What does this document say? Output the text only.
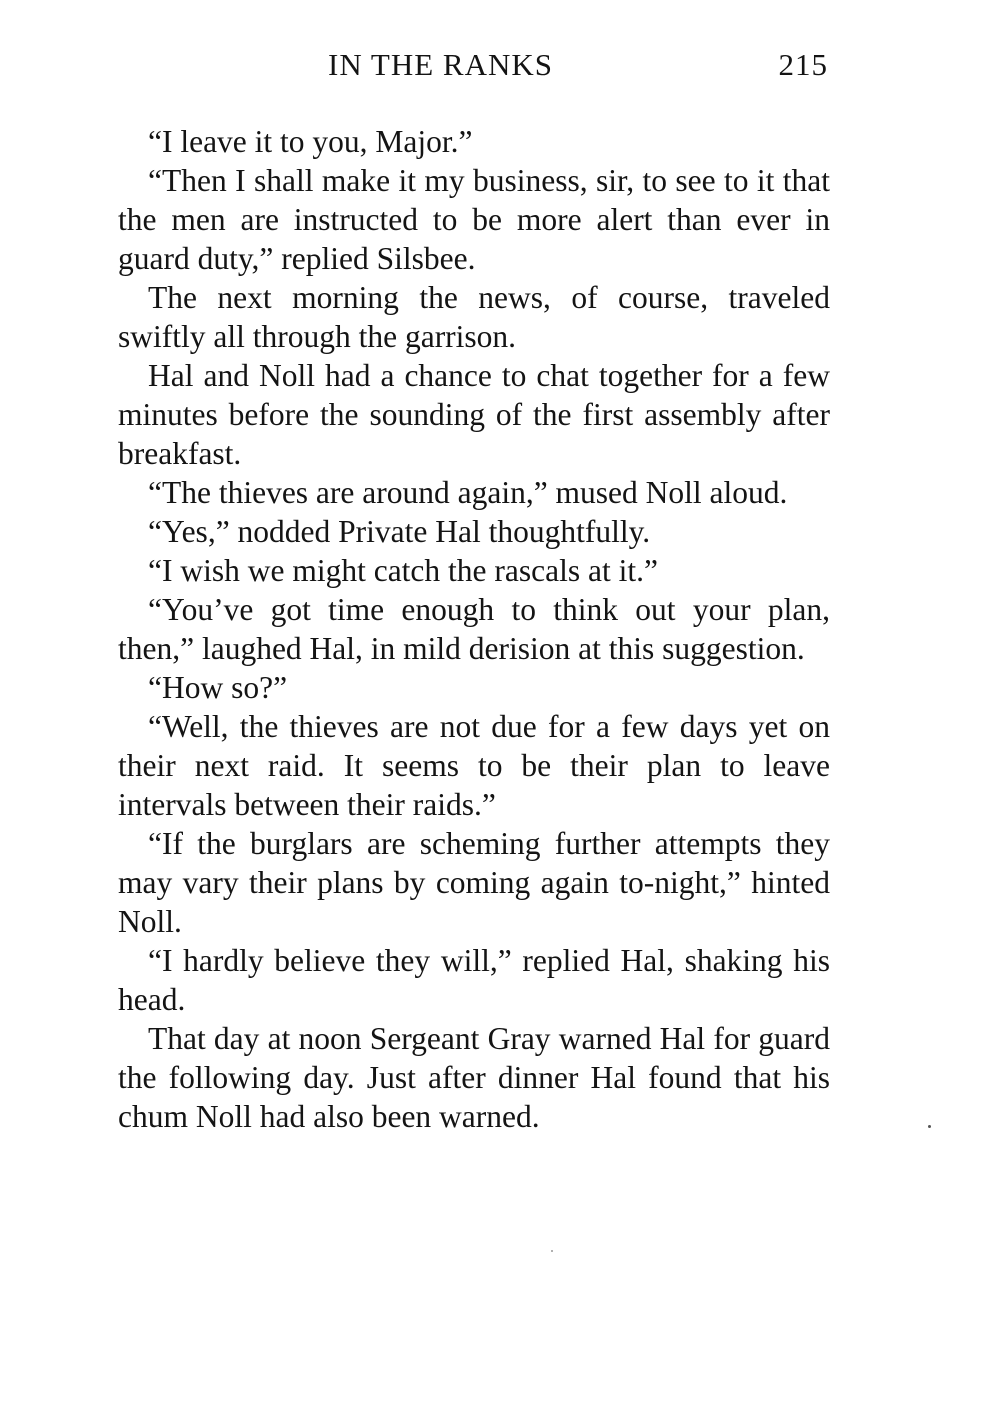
IN THE RANKS	215

“I leave it to you, Major.”

“Then I shall make it my business, sir, to see to it that the men are instructed to be more alert than ever in guard duty,” replied Silsbee.

The next morning the news, of course, traveled swiftly all through the garrison.

Hal and Noll had a chance to chat together for a few minutes before the sounding of the first assembly after breakfast.

“The thieves are around again,” mused Noll aloud.

“Yes,” nodded Private Hal thoughtfully.

“I wish we might catch the rascals at it.”

“You’ve got time enough to think out your plan, then,” laughed Hal, in mild derision at this suggestion.

“How so?”

“Well, the thieves are not due for a few days yet on their next raid. It seems to be their plan to leave intervals between their raids.”

“If the burglars are scheming further attempts they may vary their plans by coming again to-night,” hinted Noll.

“I hardly believe they will,” replied Hal, shaking his head.

That day at noon Sergeant Gray warned Hal for guard the following day. Just after dinner Hal found that his chum Noll had also been warned.
